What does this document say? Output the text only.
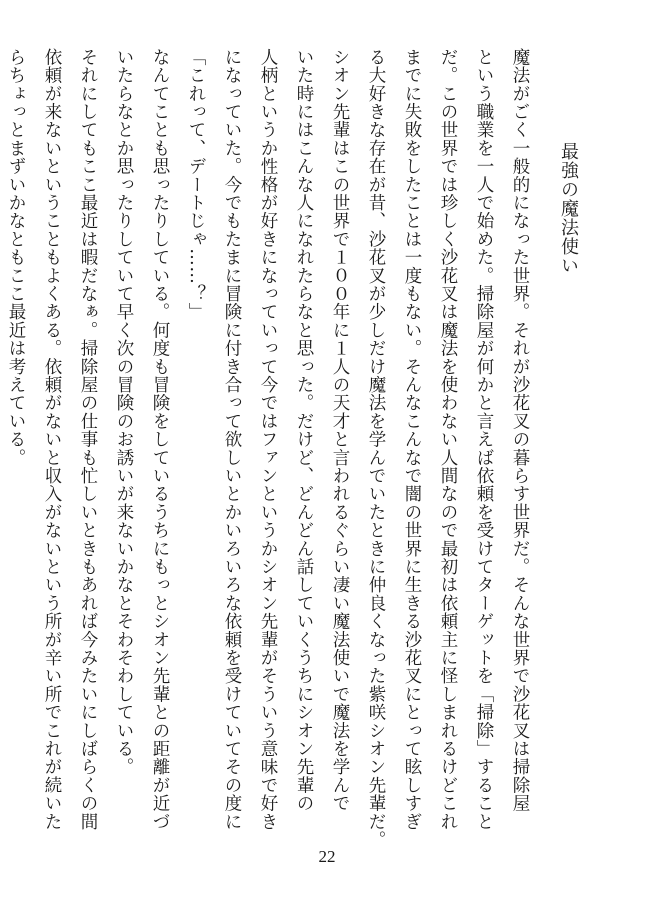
最強の魔法使い

魔法がごく一般的になった世界。それが沙花叉の暮らす世界だ。そんな世界で沙花叉は掃除屋

という職業を一人で始めた。掃除屋が何かと言えば依頼を受けてターゲットを「掃除」すること

だ。この世界では珍しく沙花叉は魔法を使わない人間なので最初は依頼主に怪しまれるけどこれ

までに失敗をしたことは一度もない。そんなこんなで闇の世界に生きる沙花叉にとって眩しすぎ

る大好きな存在が昔、沙花叉が少しだけ魔法を学んでいたときに仲良くなった紫咲シオン先輩だ。

シオン先輩はこの世界で１００年に１人の天才と言われるぐらい凄い魔法使いで魔法を学んで

いた時にはこんな人になれたらなと思った。だけど、どんどん話していくうちにシオン先輩の

人柄というか性格が好きになっていって今ではファンというかシオン先輩がそういう意味で好き

になっていた。今でもたまに冒険に付き合って欲しいとかいろいろな依頼を受けていてその度に

「これって、デートじゃ……？」

なんてことも思ったりしている。何度も冒険をしているうちにもっとシオン先輩との距離が近づ

いたらなとか思ったりしていて早く次の冒険のお誘いが来ないかなとそわそわしている。

それにしてもここ最近は暇だなぁ。掃除屋の仕事も忙しいときもあれば今みたいにしばらくの間

依頼が来ないということもよくある。依頼がないと収入がないという所が辛い所でこれが続いた

らちょっとまずいかなともここ最近は考えている。

22
